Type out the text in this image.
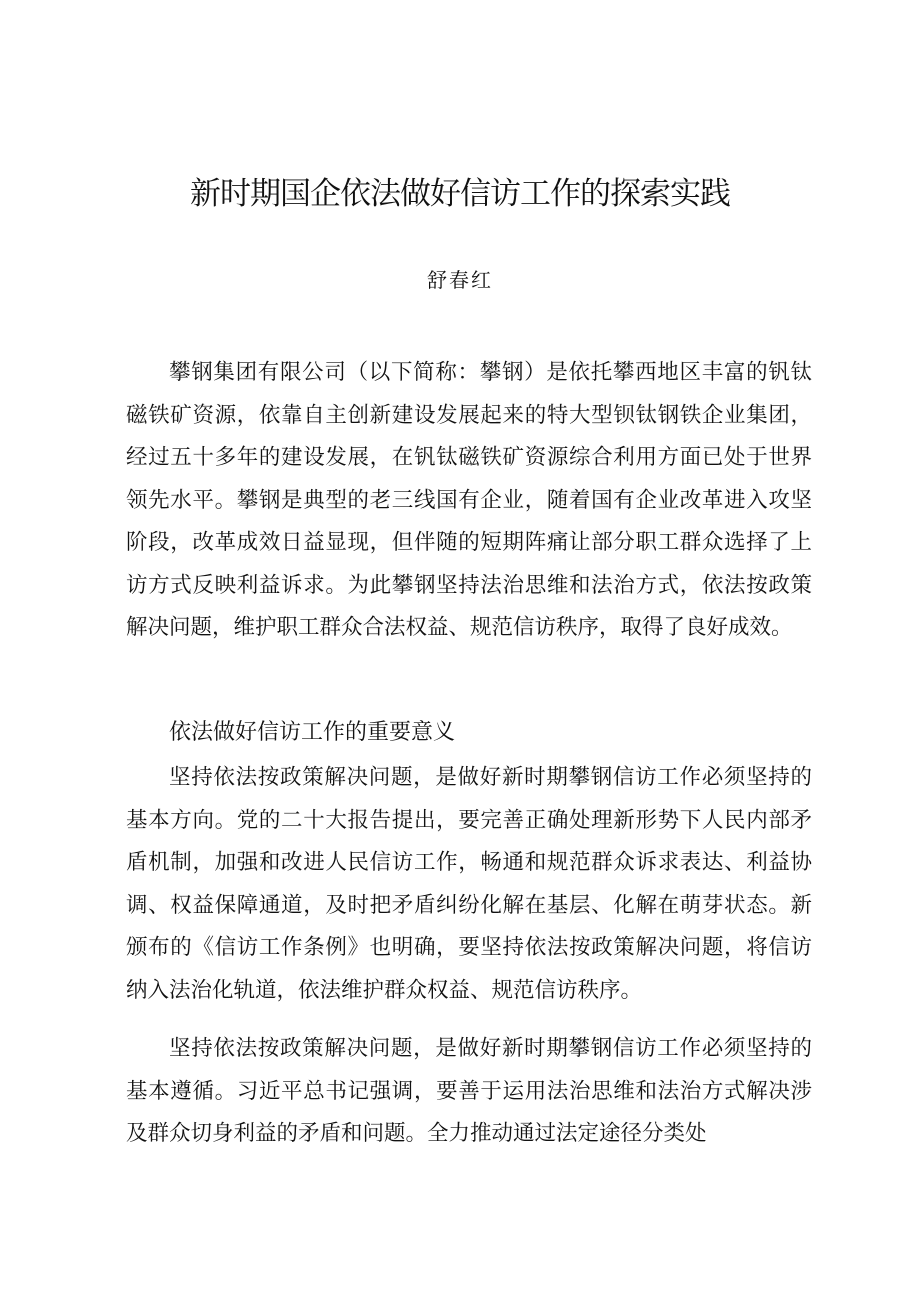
新时期国企依法做好信访工作的探索实践

舒春红

攀钢集团有限公司（以下简称：攀钢）是依托攀西地区丰富的钒钛磁铁矿资源，依靠自主创新建设发展起来的特大型钡钛钢铁企业集团，经过五十多年的建设发展，在钒钛磁铁矿资源综合利用方面已处于世界领先水平。攀钢是典型的老三线国有企业，随着国有企业改革进入攻坚阶段，改革成效日益显现，但伴随的短期阵痛让部分职工群众选择了上访方式反映利益诉求。为此攀钢坚持法治思维和法治方式，依法按政策解决问题，维护职工群众合法权益、规范信访秩序，取得了良好成效。

依法做好信访工作的重要意义

坚持依法按政策解决问题，是做好新时期攀钢信访工作必须坚持的基本方向。党的二十大报告提出，要完善正确处理新形势下人民内部矛盾机制，加强和改进人民信访工作，畅通和规范群众诉求表达、利益协调、权益保障通道，及时把矛盾纠纷化解在基层、化解在萌芽状态。新颁布的《信访工作条例》也明确，要坚持依法按政策解决问题，将信访纳入法治化轨道，依法维护群众权益、规范信访秩序。

坚持依法按政策解决问题，是做好新时期攀钢信访工作必须坚持的基本遵循。习近平总书记强调，要善于运用法治思维和法治方式解决涉及群众切身利益的矛盾和问题。全力推动通过法定途径分类处
